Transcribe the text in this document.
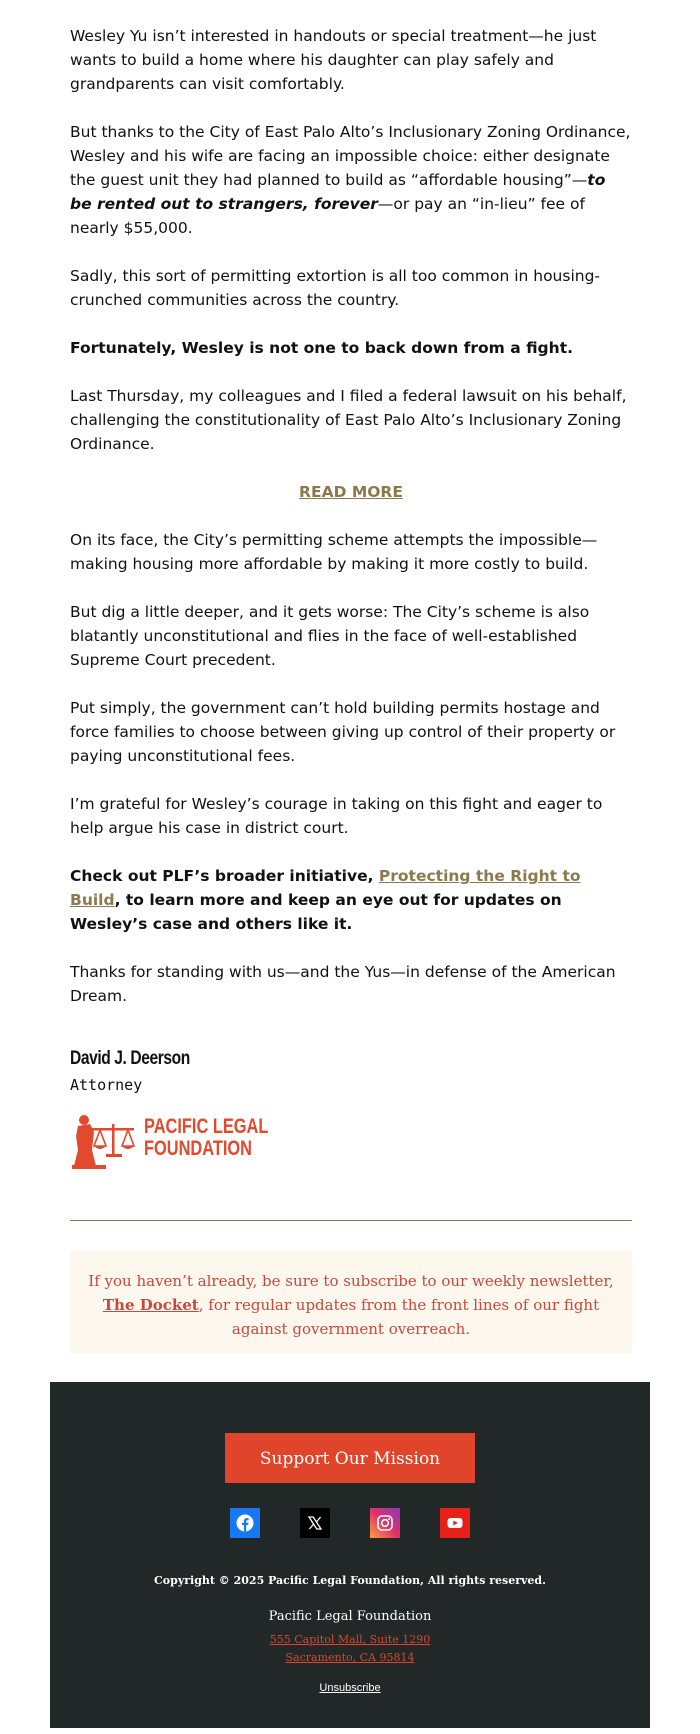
Wesley Yu isn’t interested in handouts or special treatment—he just wants to build a home where his daughter can play safely and grandparents can visit comfortably.

But thanks to the City of East Palo Alto’s Inclusionary Zoning Ordinance, Wesley and his wife are facing an impossible choice: either designate the guest unit they had planned to build as “affordable housing”—to be rented out to strangers, forever—or pay an “in-lieu” fee of nearly $55,000.

Sadly, this sort of permitting extortion is all too common in housing-crunched communities across the country.

Fortunately, Wesley is not one to back down from a fight.

Last Thursday, my colleagues and I filed a federal lawsuit on his behalf, challenging the constitutionality of East Palo Alto’s Inclusionary Zoning Ordinance.

READ MORE

On its face, the City’s permitting scheme attempts the impossible—making housing more affordable by making it more costly to build.

But dig a little deeper, and it gets worse: The City’s scheme is also blatantly unconstitutional and flies in the face of well-established Supreme Court precedent.

Put simply, the government can’t hold building permits hostage and force families to choose between giving up control of their property or paying unconstitutional fees.

I’m grateful for Wesley’s courage in taking on this fight and eager to help argue his case in district court.

Check out PLF’s broader initiative, Protecting the Right to Build, to learn more and keep an eye out for updates on Wesley’s case and others like it.

Thanks for standing with us—and the Yus—in defense of the American Dream.

David J. Deerson
Attorney
PACIFIC LEGAL
FOUNDATION
If you haven’t already, be sure to subscribe to our weekly newsletter, The Docket, for regular updates from the front lines of our fight against government overreach.
Support Our Mission
Copyright © 2025 Pacific Legal Foundation, All rights reserved.
Pacific Legal Foundation
555 Capitol Mall, Suite 1290
Sacramento, CA 95814
Unsubscribe
